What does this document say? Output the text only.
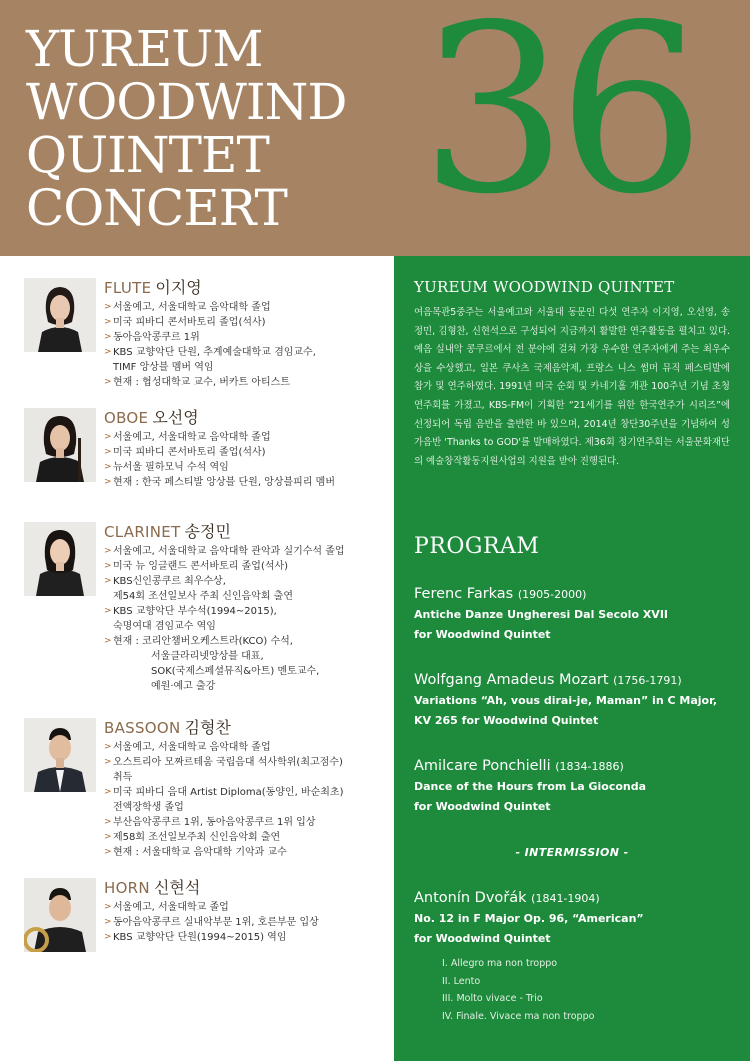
YUREUM
WOODWIND
QUINTET
CONCERT 36
FLUTE 이지영
> 서울예고, 서울대학교 음악대학 졸업
> 미국 피바디 콘서바토리 졸업(석사)
> 동아음악콩쿠르 1위
> KBS 교향악단 단원, 추계예술대학교 겸임교수,
TIMF 앙상블 멤버 역임
> 현재 : 협성대학교 교수, 버카트 아티스트
OBOE 오선영
> 서울예고, 서울대학교 음악대학 졸업
> 미국 피바디 콘서바토리 졸업(석사)
> 뉴서울 필하모닉 수석 역임
> 현재 : 한국 페스티발 앙상블 단원, 앙상블피리 멤버
CLARINET 송정민
> 서울예고, 서울대학교 음악대학 관악과 실기수석 졸업
> 미국 뉴 잉글랜드 콘서바토리 졸업(석사)
> KBS신인콩쿠르 최우수상,
제54회 조선일보사 주최 신인음악회 출연
> KBS 교향악단 부수석(1994~2015),
숙명여대 겸임교수 역임
> 현재 : 코리안챔버오케스트라(KCO) 수석,
서울클라리넷앙상블 대표,
SOK(국제스페셜뮤직&아트) 멘토교수,
예원·예고 출강
BASSOON 김형찬
> 서울예고, 서울대학교 음악대학 졸업
> 오스트리아 모짜르테움 국립음대 석사학위(최고점수)
취득
> 미국 피바디 음대 Artist Diploma(동양인, 바순최초)
전액장학생 졸업
> 부산음악콩쿠르 1위, 동아음악콩쿠르 1위 입상
> 제58회 조선일보주최 신인음악회 출연
> 현재 : 서울대학교 음악대학 기악과 교수
HORN 신현석
> 서울예고, 서울대학교 졸업
> 동아음악콩쿠르 실내악부문 1위, 호른부문 입상
> KBS 교향악단 단원(1994~2015) 역임
YUREUM WOODWIND QUINTET

여음목관5중주는 서울예고와 서울대 동문인 다섯 연주자 이지영, 오선영, 송정민, 김형찬, 신현석으로 구성되어 지금까지 활발한 연주활동을 펼치고 있다. 예음 실내악 콩쿠르에서 전 분야에 걸쳐 가장 우수한 연주자에게 주는 최우수상을 수상했고, 일본 쿠사츠 국제음악제, 프랑스 니스 썸머 뮤직 페스티발에 참가 및 연주하였다. 1991년 미국 순회 및 카네기홀 개관 100주년 기념 초청연주회를 가졌고, KBS-FM이 기획한 “21세기를 위한 한국연주가 시리즈”에 선정되어 독립 음반을 출반한 바 있으며, 2014년 창단30주년을 기념하여 성가음반 'Thanks to GOD'를 발매하였다. 제36회 정기연주회는 서울문화재단의 예술창작활동지원사업의 지원을 받아 진행된다.

PROGRAM
Ferenc Farkas (1905-2000)
Antiche Danze Ungheresi Dal Secolo XVII
for Woodwind Quintet
Wolfgang Amadeus Mozart (1756-1791)
Variations “Ah, vous dirai-je, Maman” in C Major,
KV 265 for Woodwind Quintet
Amilcare Ponchielli (1834-1886)
Dance of the Hours from La Gioconda
for Woodwind Quintet
- INTERMISSION -
Antonín Dvořák (1841-1904)
No. 12 in F Major Op. 96, “American”
for Woodwind Quintet
I. Allegro ma non troppo
II. Lento
III. Molto vivace - Trio
IV. Finale. Vivace ma non troppo
